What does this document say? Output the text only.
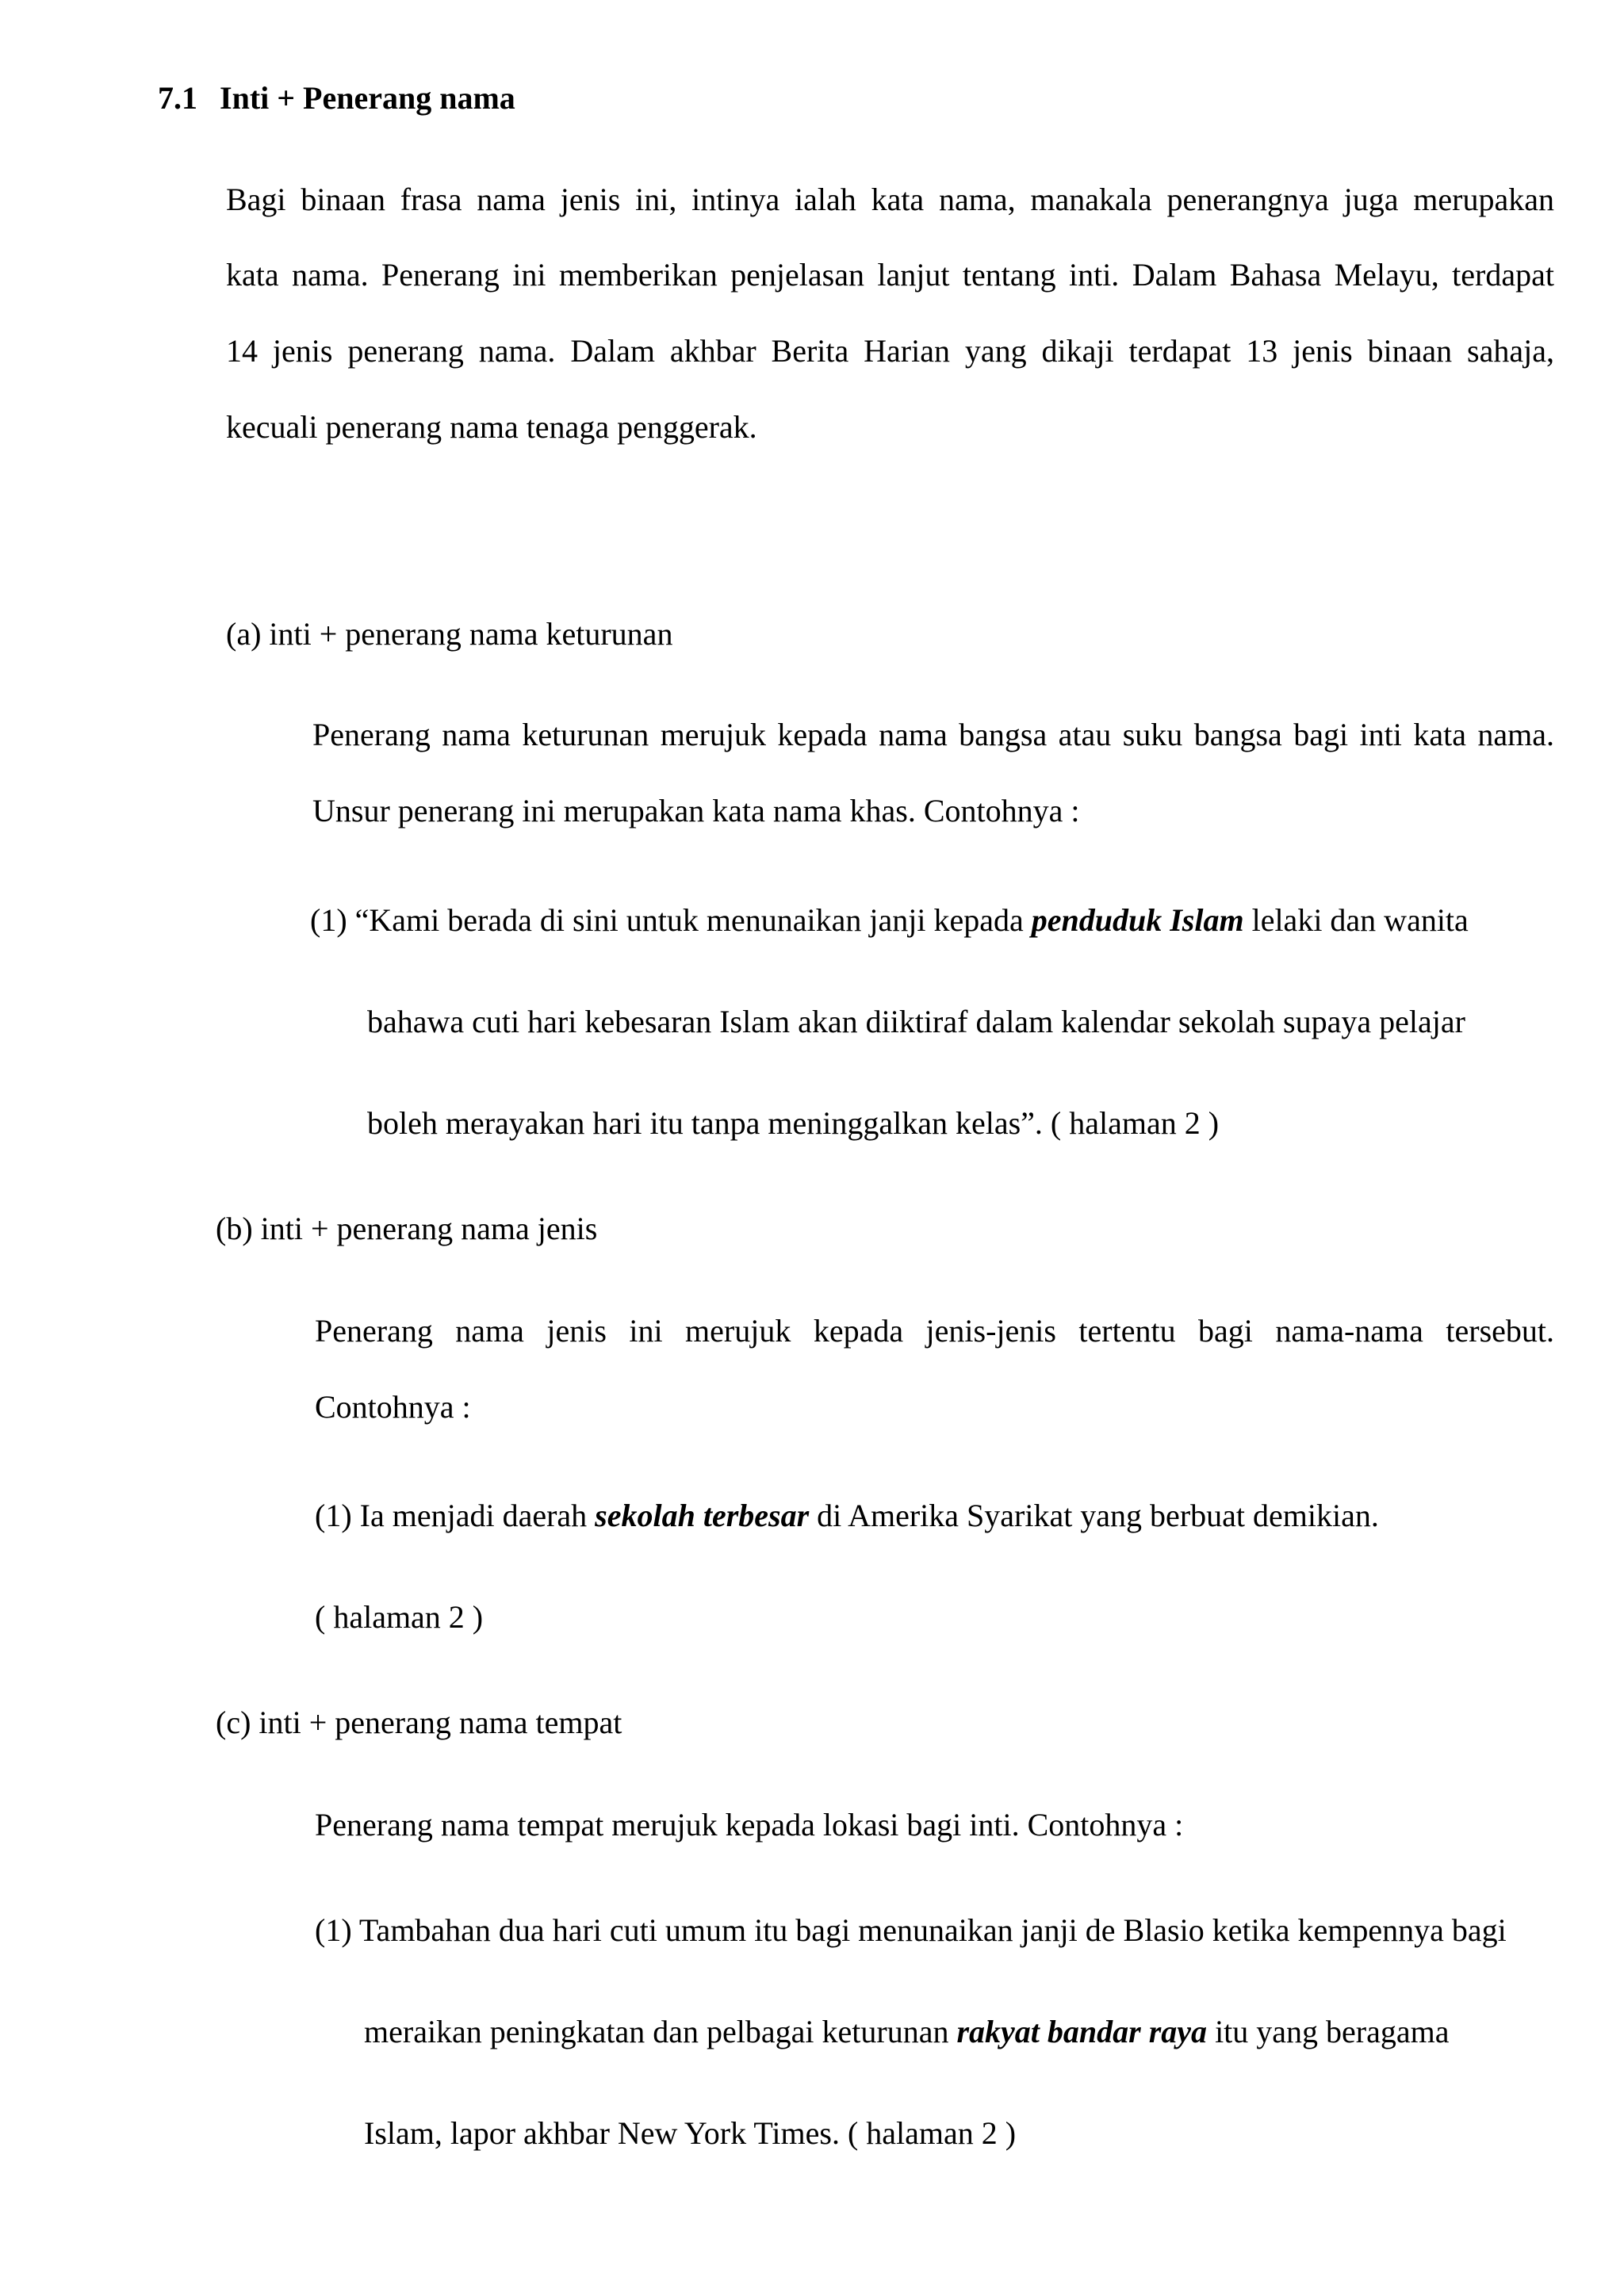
7.1 Inti + Penerang nama
Bagi binaan frasa nama jenis ini, intinya ialah kata nama, manakala penerangnya juga merupakan
kata nama. Penerang ini memberikan penjelasan lanjut tentang inti. Dalam Bahasa Melayu, terdapat
14 jenis penerang nama. Dalam akhbar Berita Harian yang dikaji terdapat 13 jenis binaan sahaja,
kecuali penerang nama tenaga penggerak.
(a) inti + penerang nama keturunan
Penerang nama keturunan merujuk kepada nama bangsa atau suku bangsa bagi inti kata nama.
Unsur penerang ini merupakan kata nama khas. Contohnya :
(1) “Kami berada di sini untuk menunaikan janji kepada penduduk Islam lelaki dan wanita
bahawa cuti hari kebesaran Islam akan diiktiraf dalam kalendar sekolah supaya pelajar
boleh merayakan hari itu tanpa meninggalkan kelas”. ( halaman 2 )
(b) inti + penerang nama jenis
Penerang nama jenis ini merujuk kepada jenis-jenis tertentu bagi nama-nama tersebut.
Contohnya :
(1) Ia menjadi daerah sekolah terbesar di Amerika Syarikat yang berbuat demikian.
( halaman 2 )
(c) inti + penerang nama tempat
Penerang nama tempat merujuk kepada lokasi bagi inti. Contohnya :
(1) Tambahan dua hari cuti umum itu bagi menunaikan janji de Blasio ketika kempennya bagi
meraikan peningkatan dan pelbagai keturunan rakyat bandar raya itu yang beragama
Islam, lapor akhbar New York Times. ( halaman 2 )
